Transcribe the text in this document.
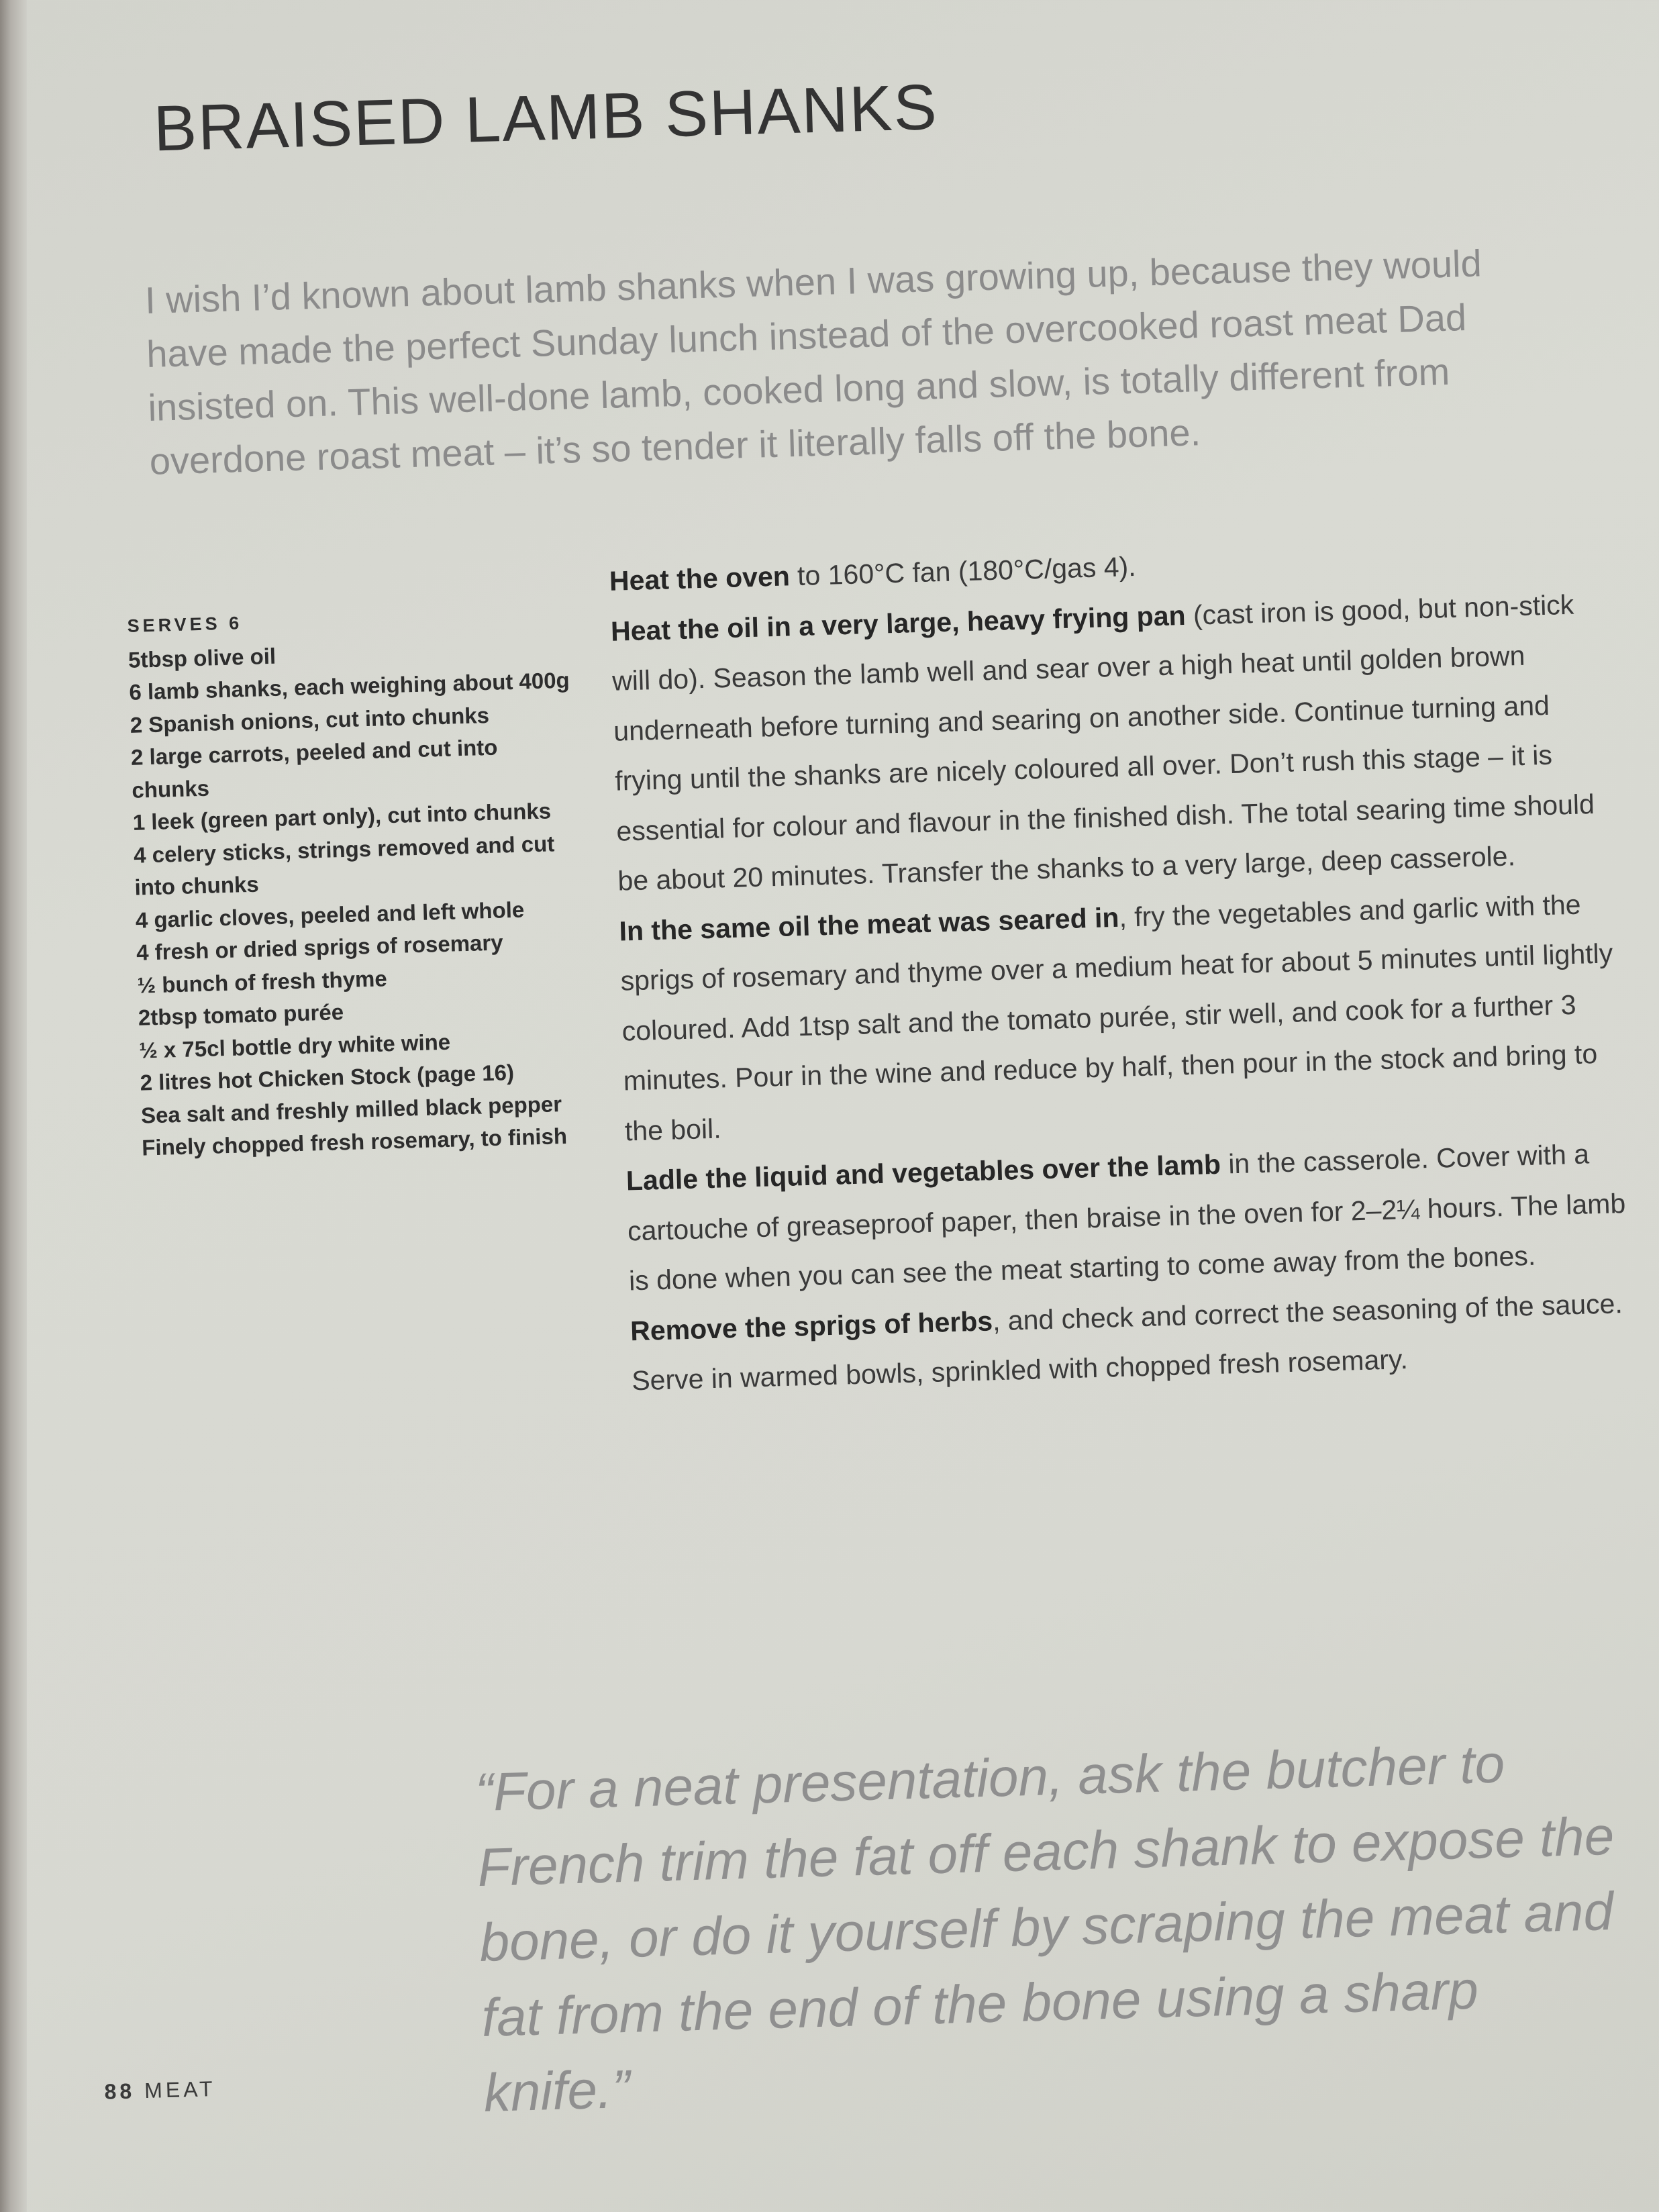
BRAISED LAMB SHANKS

I wish I’d known about lamb shanks when I was growing up, because they would have made the perfect Sunday lunch instead of the overcooked roast meat Dad insisted on. This well-done lamb, cooked long and slow, is totally different from overdone roast meat – it’s so tender it literally falls off the bone.

SERVES 6
5tbsp olive oil
6 lamb shanks, each weighing about 400g
2 Spanish onions, cut into chunks
2 large carrots, peeled and cut into chunks
1 leek (green part only), cut into chunks
4 celery sticks, strings removed and cut into chunks
4 garlic cloves, peeled and left whole
4 fresh or dried sprigs of rosemary
½ bunch of fresh thyme
2tbsp tomato purée
½ x 75cl bottle dry white wine
2 litres hot Chicken Stock (page 16)
Sea salt and freshly milled black pepper
Finely chopped fresh rosemary, to finish

Heat the oven to 160°C fan (180°C/gas 4).

Heat the oil in a very large, heavy frying pan (cast iron is good, but non-stick will do). Season the lamb well and sear over a high heat until golden brown underneath before turning and searing on another side. Continue turning and frying until the shanks are nicely coloured all over. Don’t rush this stage – it is essential for colour and flavour in the finished dish. The total searing time should be about 20 minutes. Transfer the shanks to a very large, deep casserole.

In the same oil the meat was seared in, fry the vegetables and garlic with the sprigs of rosemary and thyme over a medium heat for about 5 minutes until lightly coloured. Add 1tsp salt and the tomato purée, stir well, and cook for a further 3 minutes. Pour in the wine and reduce by half, then pour in the stock and bring to the boil.

Ladle the liquid and vegetables over the lamb in the casserole. Cover with a cartouche of greaseproof paper, then braise in the oven for 2–2¼ hours. The lamb is done when you can see the meat starting to come away from the bones.

Remove the sprigs of herbs, and check and correct the seasoning of the sauce. Serve in warmed bowls, sprinkled with chopped fresh rosemary.

“For a neat presentation, ask the butcher to French trim the fat off each shank to expose the bone, or do it yourself by scraping the meat and fat from the end of the bone using a sharp knife.”

88 MEAT
